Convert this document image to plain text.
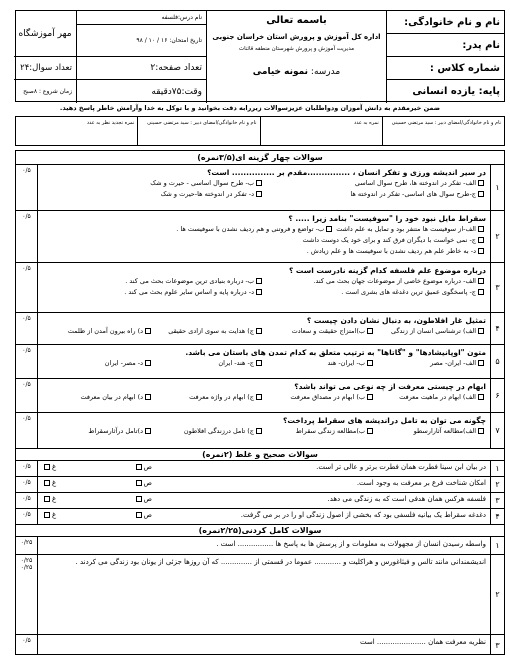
نام و نام خانوادگی:
نام پدر:
شماره کلاس :
پایه: یازده انسانی
باسمه تعالی
اداره کل آموزش و پرورش استان خراسان جنوبی
مدیریت آموزش و پرورش شهرستان منطقه قائنات
مدرسه: نمونه خیامی
نام درس:فلسفه
تاریخ امتحان: ۱۶ / ۱۰ / ۹۸
تعداد صفحه:۲
وقت:۷۵دقیقه
مهر آموزشگاه
تعداد سوال:۲۴
زمان شروع : ۸صبح
ضمن خیرمقدم به دانش آموزان ودواطلبان عزیزسوالات زیررابه دقت بخوانید و با توکل به خدا وآرامش خاطر پاسخ دهید.
نام و نام خانوادگی/امضای دبیر : سید مرتضی حسینی
نمره به عدد
نام و نام خانوادگی/امضای دبیر : سید مرتضی حسینی
نمره تجدید نظر به عدد
سوالات چهار گزینه ای(۳/۵نمره)
۱
۰/۵	در سیر اندیشه ورزی و تفکر انسان ، ...............مقدم بر ............... است؟
الف- تفکر در اندوخته ها، طرح سوال اساسی
ب- طرح سوال اساسی - حیرت و شک
ج-طرح سوال های اساسی- تفکر در اندوخته ها
د- تفکر در اندوخته ها-حیرت و شک
۲
۰/۵	سقراط مایل نبود خود را "سوفیست" بنامد زیرا ..... ؟
الف-از سوفیست ها متنفر بود و تمایل به علم داشت ب- تواضع و فروتنی و هم ردیف نشدن با سوفیست ها .
ج- نمی خواست با دیگران فرق کند و برای خود یک دوست داشت
د- به خاطر علم هم ردیف نشدن با سوفیست ها و علم زیادش .
۳
۰/۵	درباره موضوع علم فلسفه کدام گزینه نادرست است ؟
الف- درباره موضوع خاصی از موضوعات جهان بحث می کند.
ب- درباره بنیادی ترین موضوعات بحث می کند .
ج- پاسخگوی عمیق ترین دغدغه های بشری است .
د- درباره پایه و اساس سایر علوم بحث می کند .
۴
۰/۵	تمثیل غار افلاطون، به دنبال نشان دادن چیست ؟
الف) ترشناسی انسان از زندگی
ب)امتزاج حقیقت و سعادت
ج) هدایت به سوی ازادی حقیقی
د) راه بیرون آمدن از ظلمت
۵
۰/۵	متون "اوپانیشادها" و "گاتاها" به ترتیب متعلق به کدام تمدن های باستان می باشد.
الف- ایران- مصر
ب- ایران- هند
ج- هند- ایران
د- مصر- ایران
۶
۰/۵	ابهام در چیستی معرفت از چه نوعی می تواند باشد؟
الف) ابهام در ماهیت معرفت
ب) ابهام در مصداق معرفت
ج) ابهام در واژه معرفت
د) ابهام در بیان معرفت
۷
۰/۵	چگونه می توان به تامل درانديشه های سقراط پرداخت؟
الف)مطالعه آثارارسطو
ب)مطالعه زندگی سقراط
ج) تامل درزندگی افلاطون
د)تامل درآثارسقراط
سوالات صحیح و غلط (۲نمره)
۱
۰/۵	در بیان ابن سینا فطرت همان فطرت برتر و عالی تر است.
ص
غ
۲
۰/۵	امکان شناخت فرع بر معرفت به وجود است.
ص
غ
۳
۰/۵	فلسفه هرکس همان هدفی است که به زندگی می دهد.
ص
غ
۴
۰/۵	دغدغه سقراط یک بیانیه فلسفی بود که بخشی از اصول زندگی او را در بر می گرفت.
ص
غ
سوالات کامل کردنی(۲/۲۵نمره)
۱
۰/۲۵	واسطه رسیدن انسان از مجهولات به معلومات و از پرسش ها به پاسخ ها ................ است .
۲
۰/۲۵ ۰/۲۵
اندیشمندانی مانند تالس و فیثاغورس و هراکلیت و ............ عموما در قسمتی از .............. که آن روزها جزئی از یونان بود زندگی می کردند .
۳
۰/۵	نظریه معرفت همان ...................... است
